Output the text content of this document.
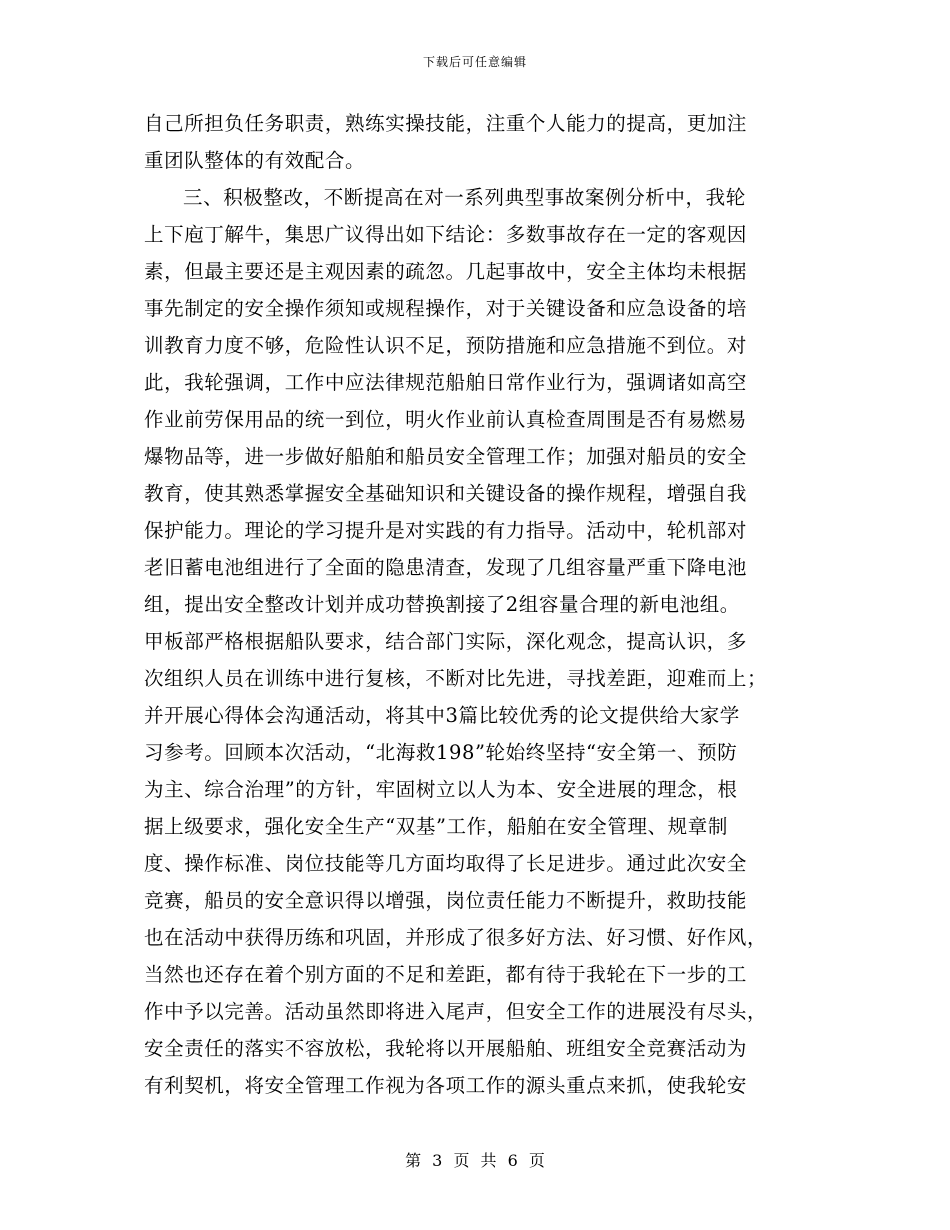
下载后可任意编辑
自己所担负任务职责，熟练实操技能，注重个人能力的提高，更加注
重团队整体的有效配合。
三、积极整改，不断提高在对一系列典型事故案例分析中，我轮
上下庖丁解牛，集思广议得出如下结论：多数事故存在一定的客观因
素，但最主要还是主观因素的疏忽。几起事故中，安全主体均未根据
事先制定的安全操作须知或规程操作，对于关键设备和应急设备的培
训教育力度不够，危险性认识不足，预防措施和应急措施不到位。对
此，我轮强调，工作中应法律规范船舶日常作业行为，强调诸如高空
作业前劳保用品的统一到位，明火作业前认真检查周围是否有易燃易
爆物品等，进一步做好船舶和船员安全管理工作；加强对船员的安全
教育，使其熟悉掌握安全基础知识和关键设备的操作规程，增强自我
保护能力。理论的学习提升是对实践的有力指导。活动中，轮机部对
老旧蓄电池组进行了全面的隐患清查，发现了几组容量严重下降电池
组，提出安全整改计划并成功替换割接了2组容量合理的新电池组。
甲板部严格根据船队要求，结合部门实际，深化观念，提高认识，多
次组织人员在训练中进行复核，不断对比先进，寻找差距，迎难而上；
并开展心得体会沟通活动，将其中3篇比较优秀的论文提供给大家学
习参考。回顾本次活动，“北海救198”轮始终坚持“安全第一、预防
为主、综合治理”的方针，牢固树立以人为本、安全进展的理念，根
据上级要求，强化安全生产“双基”工作，船舶在安全管理、规章制
度、操作标准、岗位技能等几方面均取得了长足进步。通过此次安全
竞赛，船员的安全意识得以增强，岗位责任能力不断提升，救助技能
也在活动中获得历练和巩固，并形成了很多好方法、好习惯、好作风，
当然也还存在着个别方面的不足和差距，都有待于我轮在下一步的工
作中予以完善。活动虽然即将进入尾声，但安全工作的进展没有尽头，
安全责任的落实不容放松，我轮将以开展船舶、班组安全竞赛活动为
有利契机，将安全管理工作视为各项工作的源头重点来抓，使我轮安
第 3 页 共 6 页
